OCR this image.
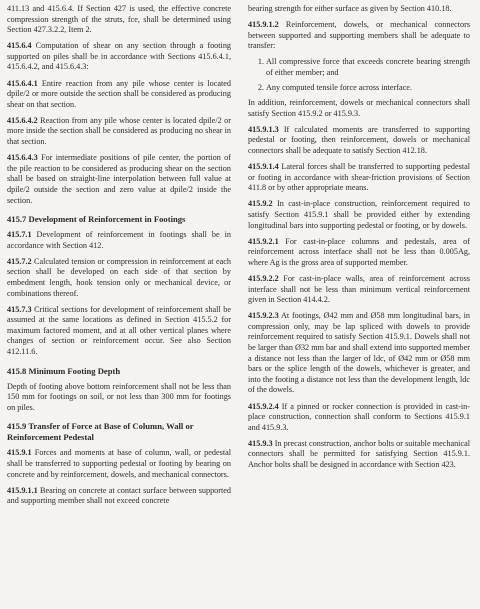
411.13 and 415.6.4. If Section 427 is used, the effective concrete compression strength of the struts, fce, shall be determined using Section 427.3.2.2, Item 2.

415.6.4 Computation of shear on any section through a footing supported on piles shall be in accordance with Sections 415.6.4.1, 415.6.4.2, and 415.6.4.3:

415.6.4.1 Entire reaction from any pile whose center is located dpile/2 or more outside the section shall be considered as producing shear on that section.

415.6.4.2 Reaction from any pile whose center is located dpile/2 or more inside the section shall be considered as producing no shear in that section.

415.6.4.3 For intermediate positions of pile center, the portion of the pile reaction to be considered as producing shear on the section shall be based on straight-line interpolation between full value at dpile/2 outside the section and zero value at dpile/2 inside the section.

415.7 Development of Reinforcement in Footings

415.7.1 Development of reinforcement in footings shall be in accordance with Section 412.

415.7.2 Calculated tension or compression in reinforcement at each section shall be developed on each side of that section by embedment length, hook tension only or mechanical device, or combinations thereof.

415.7.3 Critical sections for development of reinforcement shall be assumed at the same locations as defined in Section 415.5.2 for maximum factored moment, and at all other vertical planes where changes of section or reinforcement occur. See also Section 412.11.6.

415.8 Minimum Footing Depth

Depth of footing above bottom reinforcement shall not be less than 150 mm for footings on soil, or not less than 300 mm for footings on piles.

415.9 Transfer of Force at Base of Column, Wall or Reinforcement Pedestal

415.9.1 Forces and moments at base of column, wall, or pedestal shall be transferred to supporting pedestal or footing by bearing on concrete and by reinforcement, dowels, and mechanical connectors.

415.9.1.1 Bearing on concrete at contact surface between supported and supporting member shall not exceed concrete

bearing strength for either surface as given by Section 410.18.

415.9.1.2 Reinforcement, dowels, or mechanical connectors between supported and supporting members shall be adequate to transfer:

1. All compressive force that exceeds concrete bearing strength of either member; and
2. Any computed tensile force across interface.

In addition, reinforcement, dowels or mechanical connectors shall satisfy Section 415.9.2 or 415.9.3.

415.9.1.3 If calculated moments are transferred to supporting pedestal or footing, then reinforcement, dowels or mechanical connectors shall be adequate to satisfy Section 412.18.

415.9.1.4 Lateral forces shall be transferred to supporting pedestal or footing in accordance with shear-friction provisions of Section 411.8 or by other appropriate means.

415.9.2 In cast-in-place construction, reinforcement required to satisfy Section 415.9.1 shall be provided either by extending longitudinal bars into supporting pedestal or footing, or by dowels.

415.9.2.1 For cast-in-place columns and pedestals, area of reinforcement across interface shall not be less than 0.005Ag, where Ag is the gross area of supported member.

415.9.2.2 For cast-in-place walls, area of reinforcement across interface shall not be less than minimum vertical reinforcement given in Section 414.4.2.

415.9.2.3 At footings, Ø42 mm and Ø58 mm longitudinal bars, in compression only, may be lap spliced with dowels to provide reinforcement required to satisfy Section 415.9.1. Dowels shall not be larger than Ø32 mm bar and shall extend into supported member a distance not less than the larger of ldc, of Ø42 mm or Ø58 mm bars or the splice length of the dowels, whichever is greater, and into the footing a distance not less than the development length, ldc of the dowels.

415.9.2.4 If a pinned or rocker connection is provided in cast-in-place construction, connection shall conform to Sections 415.9.1 and 415.9.3.

415.9.3 In precast construction, anchor bolts or suitable mechanical connectors shall be permitted for satisfying Section 415.9.1. Anchor bolts shall be designed in accordance with Section 423.
